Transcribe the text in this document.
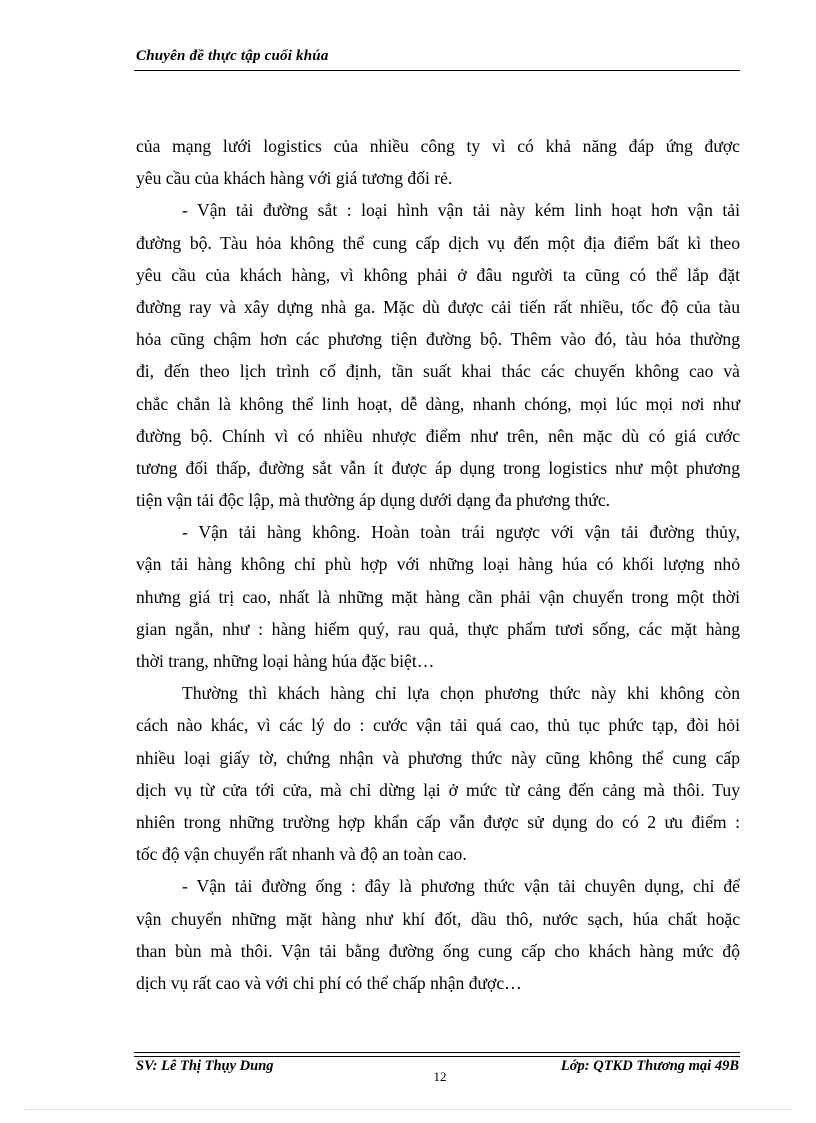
Chuyên đề thực tập cuối khúa
của mạng lưới logistics của nhiều công ty vì có khả năng đáp ứng được
yêu cầu của khách hàng với giá tương đối rẻ.
- Vận tải đường sắt : loại hình vận tải này kém linh hoạt hơn vận tải
đường bộ. Tàu hỏa không thể cung cấp dịch vụ đến một địa điểm bất kì theo
yêu cầu của khách hàng, vì không phải ở đâu người ta cũng có thể lắp đặt
đường ray và xây dựng nhà ga. Mặc dù được cải tiến rất nhiều, tốc độ của tàu
hỏa cũng chậm hơn các phương tiện đường bộ. Thêm vào đó, tàu hỏa thường
đi, đến theo lịch trình cố định, tần suất khai thác các chuyến không cao và
chắc chắn là không thể linh hoạt, dễ dàng, nhanh chóng, mọi lúc mọi nơi như
đường bộ. Chính vì có nhiều nhược điểm như trên, nên mặc dù có giá cước
tương đối thấp, đường sắt vẫn ít được áp dụng trong logistics như một phương
tiện vận tải độc lập, mà thường áp dụng dưới dạng đa phương thức.
- Vận tải hàng không. Hoàn toàn trái ngược với vận tải đường thủy,
vận tải hàng không chỉ phù hợp với những loại hàng húa có khối lượng nhỏ
nhưng giá trị cao, nhất là những mặt hàng cần phải vận chuyển trong một thời
gian ngắn, như : hàng hiếm quý, rau quả, thực phẩm tươi sống, các mặt hàng
thời trang, những loại hàng húa đặc biệt…
Thường thì khách hàng chỉ lựa chọn phương thức này khi không còn
cách nào khác, vì các lý do : cước vận tải quá cao, thủ tục phức tạp, đòi hỏi
nhiều loại giấy tờ, chứng nhận và phương thức này cũng không thể cung cấp
dịch vụ từ cửa tới cửa, mà chỉ dừng lại ở mức từ cảng đến cảng mà thôi. Tuy
nhiên trong những trường hợp khẩn cấp vẫn được sử dụng do có 2 ưu điểm :
tốc độ vận chuyển rất nhanh và độ an toàn cao.
- Vận tải đường ống : đây là phương thức vận tải chuyên dụng, chỉ để
vận chuyển những mặt hàng như khí đốt, dầu thô, nước sạch, húa chất hoặc
than bùn mà thôi. Vận tải bằng đường ống cung cấp cho khách hàng mức độ
dịch vụ rất cao và với chi phí có thể chấp nhận được…
SV: Lê Thị Thụy Dung
12
Lớp: QTKD Thương mại 49B
